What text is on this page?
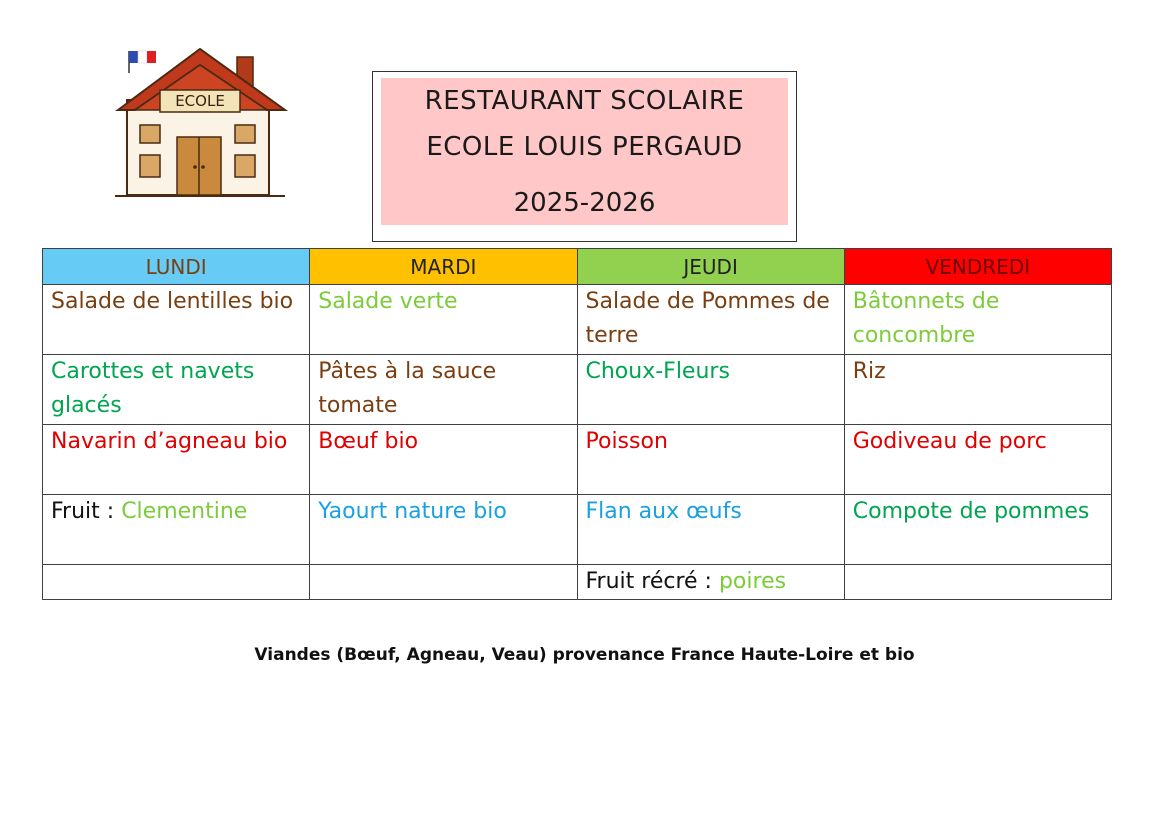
ECOLE	RESTAURANT SCOLAIRE
ECOLE LOUIS PERGAUD
2025-2026
LUNDI	MARDI	JEUDI	VENDREDI
Salade de lentilles bio	Salade verte	Salade de Pommes de terre	Bâtonnets de concombre
Carottes et navets glacés	Pâtes à la sauce tomate	Choux-Fleurs	Riz
Navarin d’agneau bio	Bœuf bio	Poisson	Godiveau de porc
Fruit : Clementine	Yaourt nature bio	Flan aux œufs	Compote de pommes
		Fruit récré : poires	
Viandes (Bœuf, Agneau, Veau) provenance France Haute-Loire et bio
